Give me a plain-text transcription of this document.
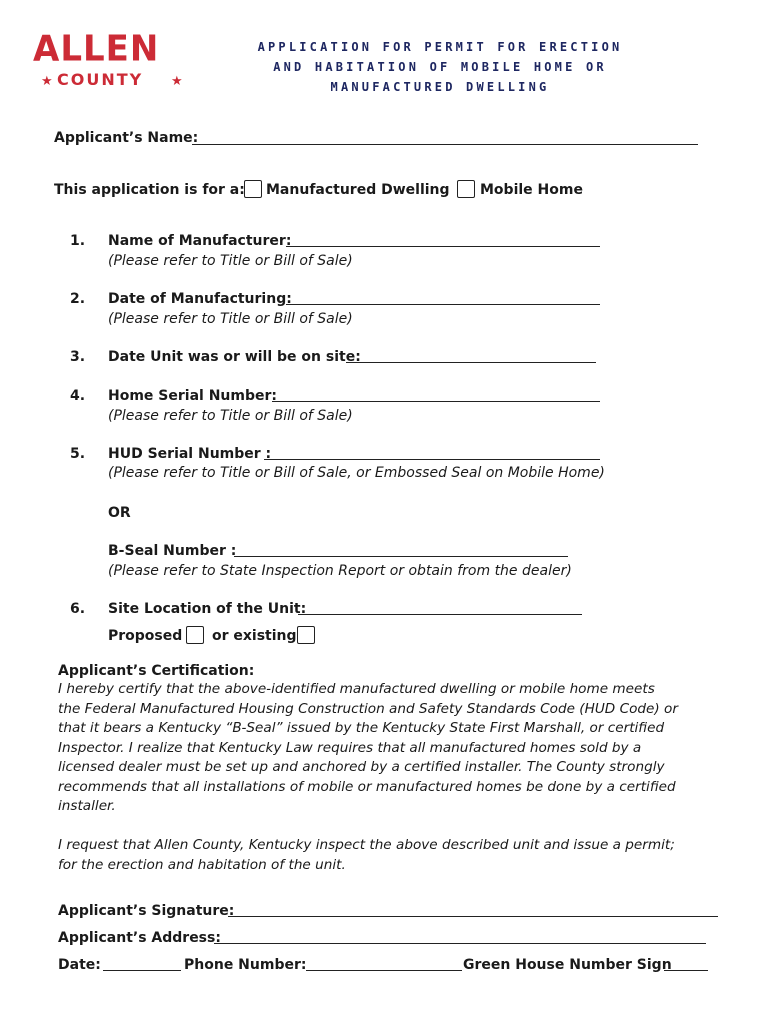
ALLEN
★ COUNTY ★
APPLICATION FOR PERMIT FOR ERECTION
AND HABITATION OF MOBILE HOME OR
MANUFACTURED DWELLING
Applicant’s Name:
This application is for a: Manufactured Dwelling Mobile Home
1. Name of Manufacturer:
(Please refer to Title or Bill of Sale)
2. Date of Manufacturing:
(Please refer to Title or Bill of Sale)
3. Date Unit was or will be on site:
4. Home Serial Number:
(Please refer to Title or Bill of Sale)
5. HUD Serial Number :
(Please refer to Title or Bill of Sale, or Embossed Seal on Mobile Home)
OR
B-Seal Number :
(Please refer to State Inspection Report or obtain from the dealer)
6. Site Location of the Unit:
Proposed or existing
Applicant’s Certification:
I hereby certify that the above-identified manufactured dwelling or mobile home meets
the Federal Manufactured Housing Construction and Safety Standards Code (HUD Code) or
that it bears a Kentucky “B-Seal” issued by the Kentucky State First Marshall, or certified
Inspector. I realize that Kentucky Law requires that all manufactured homes sold by a
licensed dealer must be set up and anchored by a certified installer. The County strongly
recommends that all installations of mobile or manufactured homes be done by a certified
installer.
I request that Allen County, Kentucky inspect the above described unit and issue a permit;
for the erection and habitation of the unit.
Applicant’s Signature:
Applicant’s Address:
Date:	Phone Number:	Green House Number Sign
